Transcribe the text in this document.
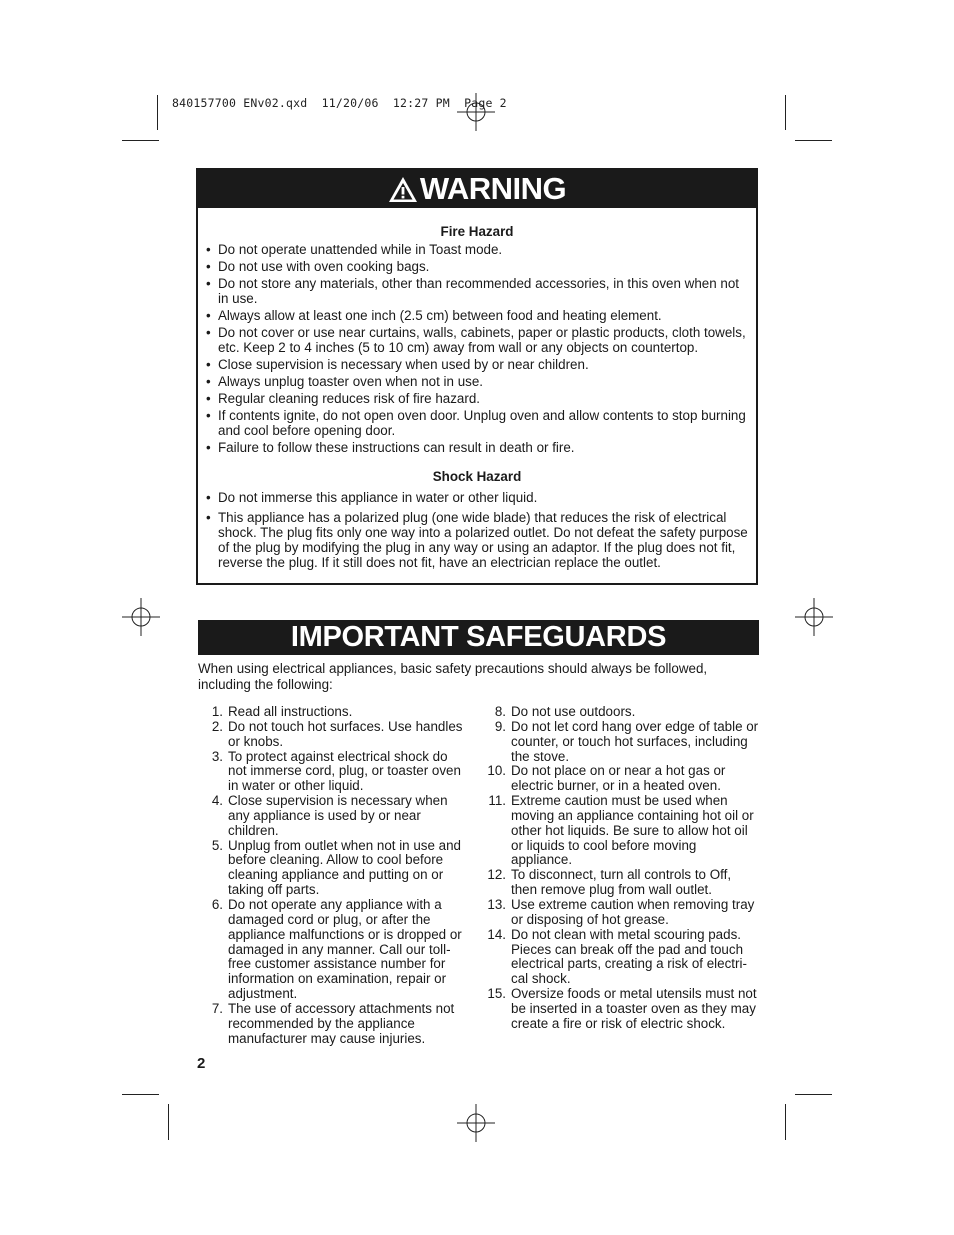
840157700 ENv02.qxd  11/20/06  12:27 PM  Page 2
WARNING
Fire Hazard
• Do not operate unattended while in Toast mode.
• Do not use with oven cooking bags.
• Do not store any materials, other than recommended accessories, in this oven when not in use.
• Always allow at least one inch (2.5 cm) between food and heating element.
• Do not cover or use near curtains, walls, cabinets, paper or plastic products, cloth towels, etc. Keep 2 to 4 inches (5 to 10 cm) away from wall or any objects on countertop.
• Close supervision is necessary when used by or near children.
• Always unplug toaster oven when not in use.
• Regular cleaning reduces risk of fire hazard.
• If contents ignite, do not open oven door. Unplug oven and allow contents to stop burning and cool before opening door.
• Failure to follow these instructions can result in death or fire.
Shock Hazard
• Do not immerse this appliance in water or other liquid.
• This appliance has a polarized plug (one wide blade) that reduces the risk of electrical shock. The plug fits only one way into a polarized outlet. Do not defeat the safety purpose of the plug by modifying the plug in any way or using an adaptor. If the plug does not fit, reverse the plug. If it still does not fit, have an electrician replace the outlet.
IMPORTANT SAFEGUARDS
When using electrical appliances, basic safety precautions should always be followed, including the following:
1. Read all instructions.
2. Do not touch hot surfaces. Use handles or knobs.
3. To protect against electrical shock do not immerse cord, plug, or toaster oven in water or other liquid.
4. Close supervision is necessary when any appliance is used by or near children.
5. Unplug from outlet when not in use and before cleaning. Allow to cool before cleaning appliance and putting on or taking off parts.
6. Do not operate any appliance with a damaged cord or plug, or after the appliance malfunctions or is dropped or damaged in any manner. Call our toll-free customer assistance number for information on examination, repair or adjustment.
7. The use of accessory attachments not recommended by the appliance manufacturer may cause injuries.
8. Do not use outdoors.
9. Do not let cord hang over edge of table or counter, or touch hot surfaces, including the stove.
10. Do not place on or near a hot gas or electric burner, or in a heated oven.
11. Extreme caution must be used when moving an appliance containing hot oil or other hot liquids. Be sure to allow hot oil or liquids to cool before moving appliance.
12. To disconnect, turn all controls to Off, then remove plug from wall outlet.
13. Use extreme caution when removing tray or disposing of hot grease.
14. Do not clean with metal scouring pads. Pieces can break off the pad and touch electrical parts, creating a risk of electri-cal shock.
15. Oversize foods or metal utensils must not be inserted in a toaster oven as they may create a fire or risk of electric shock.
2
